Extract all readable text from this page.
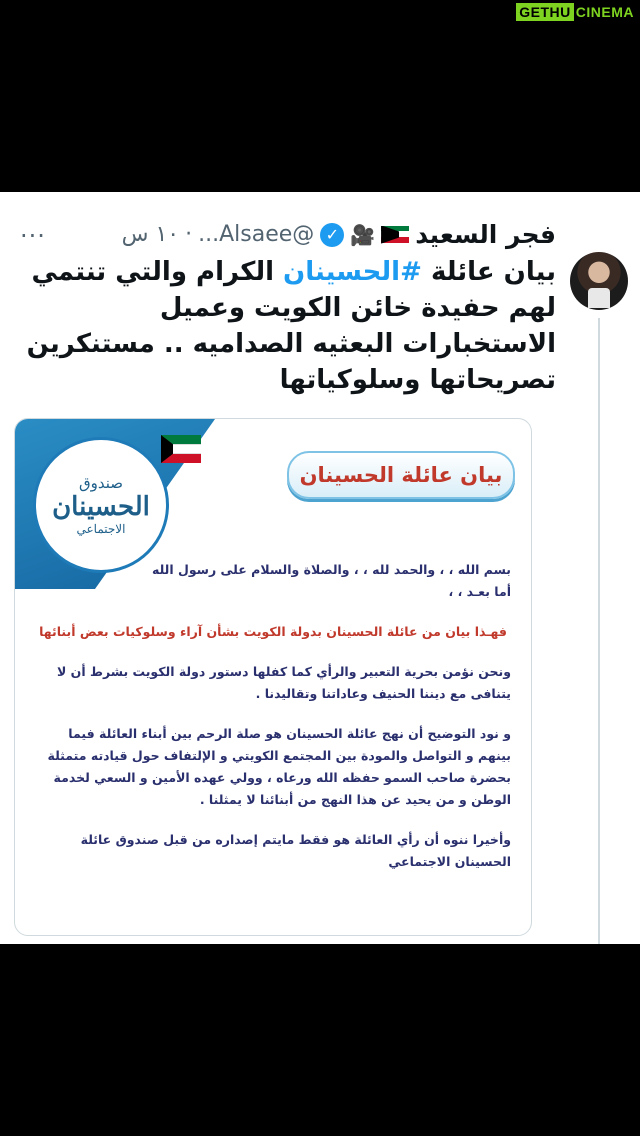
GETHU CINEMA
فجر السعيد
🎥
✓
@Alsaee...
·
١٠ س
···
بيان عائلة #الحسينان الكرام والتي تنتمي لهم حفيدة خائن الكويت وعميل الاستخبارات البعثيه الصداميه .. مستنكرين تصريحاتها وسلوكياتها
صندوق
الحسينان
الاجتماعي
بيان عائلة الحسينان

بسم الله ، ، والحمد لله ، ، والصلاة والسلام على رسول الله

أما بعـد ، ،

فهـذا بيان من عائلة الحسينان بدولة الكويت بشأن آراء وسلوكيات بعض أبنائها

ونحن نؤمن بحرية التعبير والرأي كما كفلها دستور دولة الكويت بشرط أن لا يتنافى مع ديننا الحنيف وعاداتنا وتقاليدنا .

و نود التوضيح أن نهج عائلة الحسينان هو صلة الرحم بين أبناء العائلة فيما بينهم و التواصل والمودة بين المجتمع الكويتي و الإلتفاف حول قيادته متمثلة بحضرة صاحب السمو حفظه الله ورعاه ، وولي عهده الأمين و السعي لخدمة الوطن و من يحيد عن هذا النهج من أبنائنا لا يمثلنا .

وأخيرا ننوه أن رأي العائلة هو فقط مايتم إصداره من قبل صندوق عائلة الحسينان الاجتماعي
